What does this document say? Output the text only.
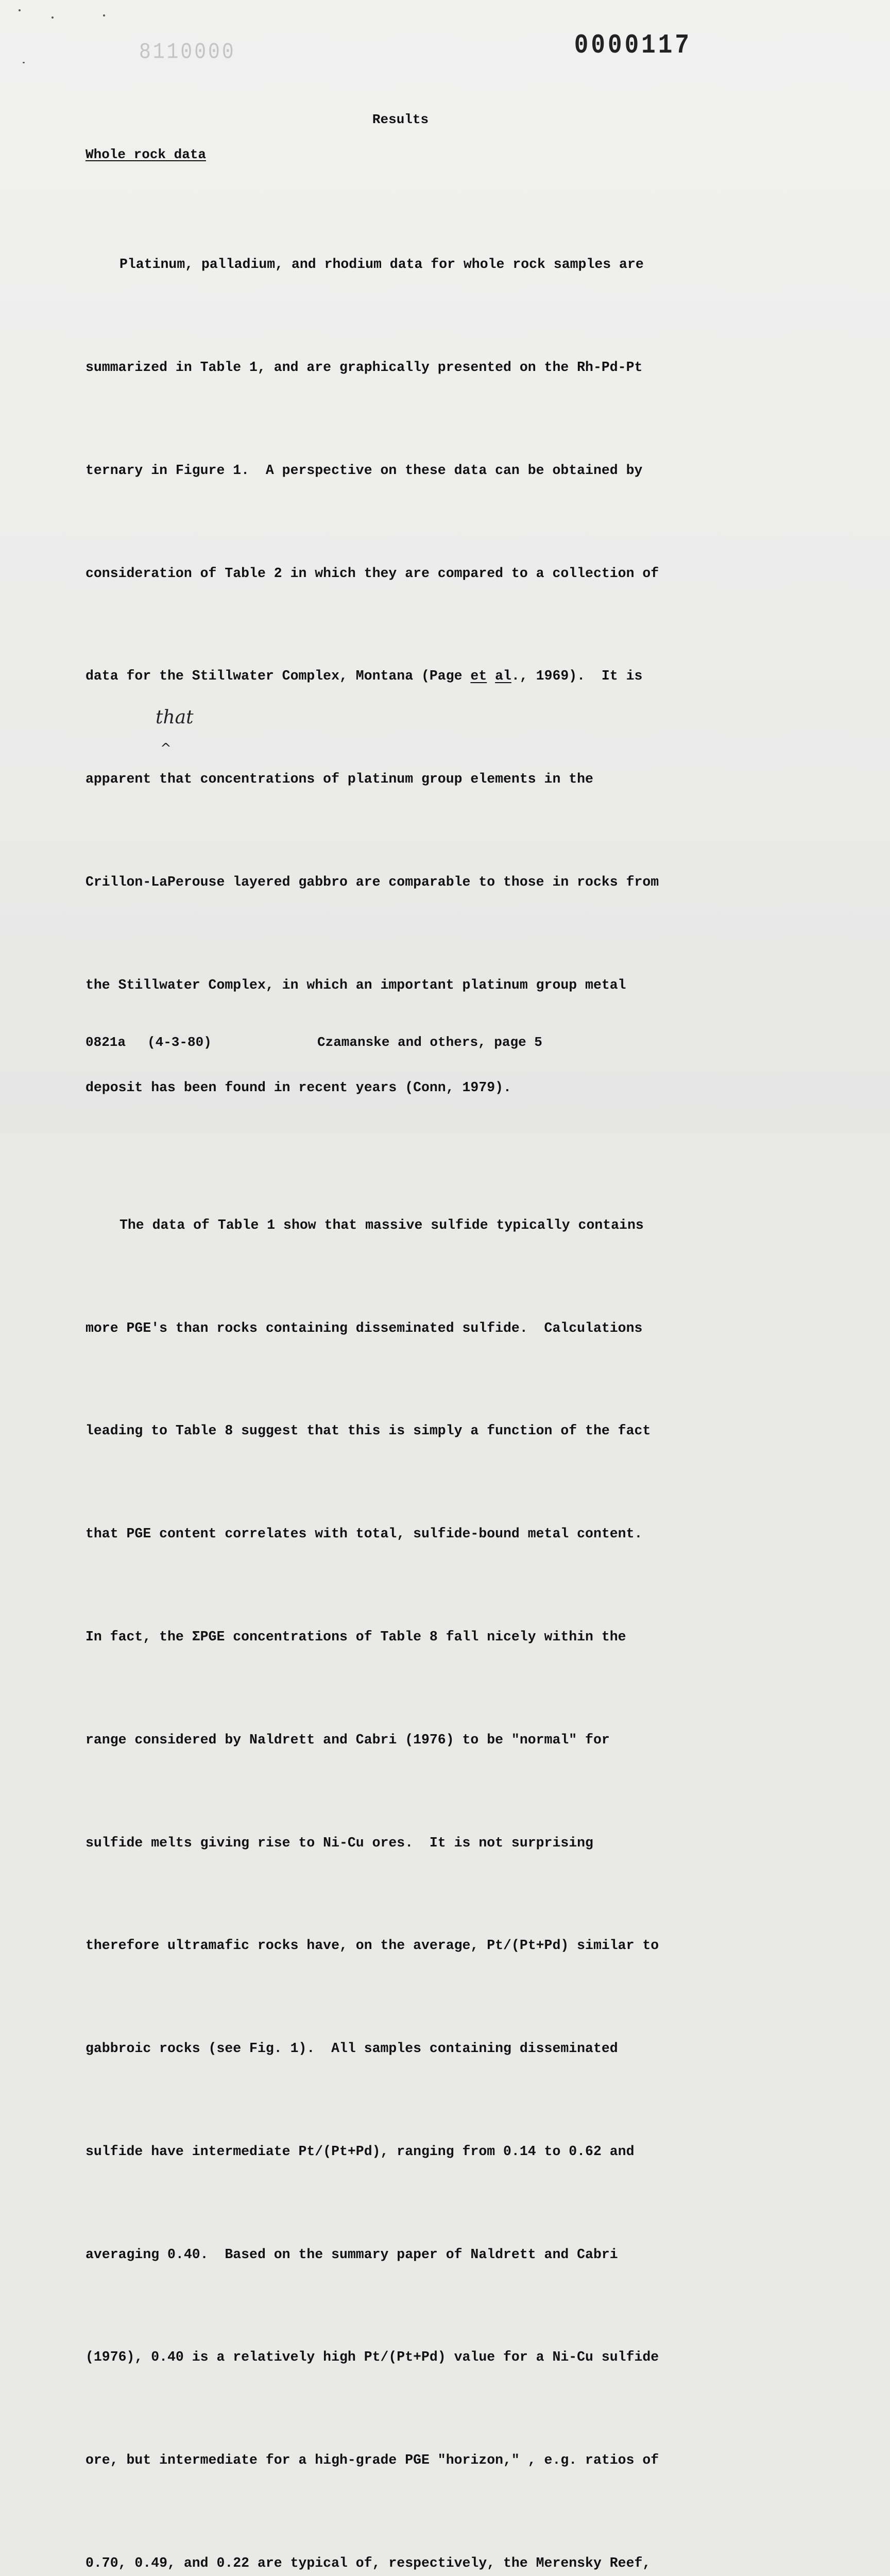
8110000	0000117
Results
Whole rock data

Platinum, palladium, and rhodium data for whole rock samples are

summarized in Table 1, and are graphically presented on the Rh-Pd-Pt

ternary in Figure 1.  A perspective on these data can be obtained by

consideration of Table 2 in which they are compared to a collection of

data for the Stillwater Complex, Montana (Page et al., 1969).  It is

apparent that concentrations of platinum group elements in the

Crillon-LaPerouse layered gabbro are comparable to those in rocks from

the Stillwater Complex, in which an important platinum group metal

deposit has been found in recent years (Conn, 1979).

The data of Table 1 show that massive sulfide typically contains

more PGE's than rocks containing disseminated sulfide.  Calculations

leading to Table 8 suggest that this is simply a function of the fact

that PGE content correlates with total, sulfide-bound metal content.

In fact, the ΣPGE concentrations of Table 8 fall nicely within the

range considered by Naldrett and Cabri (1976) to be "normal" for

sulfide melts giving rise to Ni-Cu ores.  It is not surprising

therefore ultramafic rocks have, on the average, Pt/(Pt+Pd) similar to

gabbroic rocks (see Fig. 1).  All samples containing disseminated

sulfide have intermediate Pt/(Pt+Pd), ranging from 0.14 to 0.62 and

averaging 0.40.  Based on the summary paper of Naldrett and Cabri

(1976), 0.40 is a relatively high Pt/(Pt+Pd) value for a Ni-Cu sulfide

ore, but intermediate for a high-grade PGE "horizon," , e.g. ratios of

0.70, 0.49, and 0.22 are typical of, respectively, the Merensky Reef,

that
^
0821a (4-3-80)	Czamanske and others, page 5
